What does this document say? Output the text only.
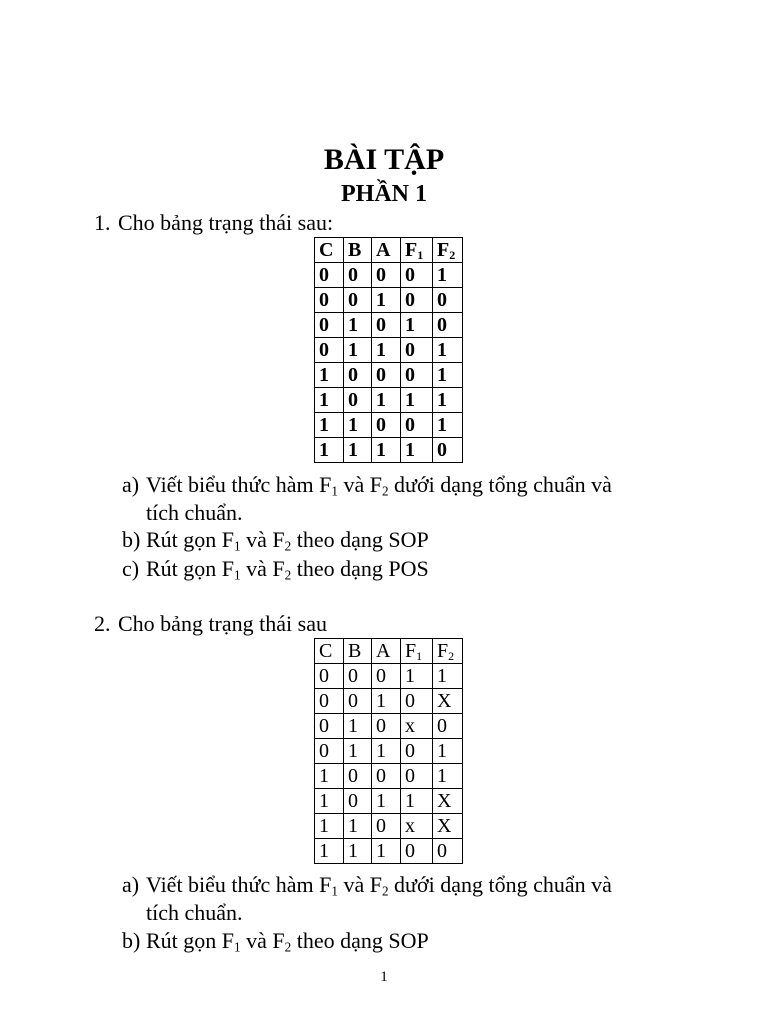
BÀI TẬP
PHẦN 1
1. Cho bảng trạng thái sau:
C	B	A	$F_1$	$F_2$
0	0	0	0	1
0	0	1	0	0
0	1	0	1	0
0	1	1	0	1
1	0	0	0	1
1	0	1	1	1
1	1	0	0	1
1	1	1	1	0
a) Viết biểu thức hàm $F_1$ và $F_2$ dưới dạng tổng chuẩn và
tích chuẩn.
b) Rút gọn $F_1$ và $F_2$ theo dạng SOP
c) Rút gọn $F_1$ và $F_2$ theo dạng POS
2. Cho bảng trạng thái sau
C	B	A	$F_1$	$F_2$
0	0	0	1	1
0	0	1	0	X
0	1	0	x	0
0	1	1	0	1
1	0	0	0	1
1	0	1	1	X
1	1	0	x	X
1	1	1	0	0
a) Viết biểu thức hàm $F_1$ và $F_2$ dưới dạng tổng chuẩn và
tích chuẩn.
b) Rút gọn $F_1$ và $F_2$ theo dạng SOP
1
